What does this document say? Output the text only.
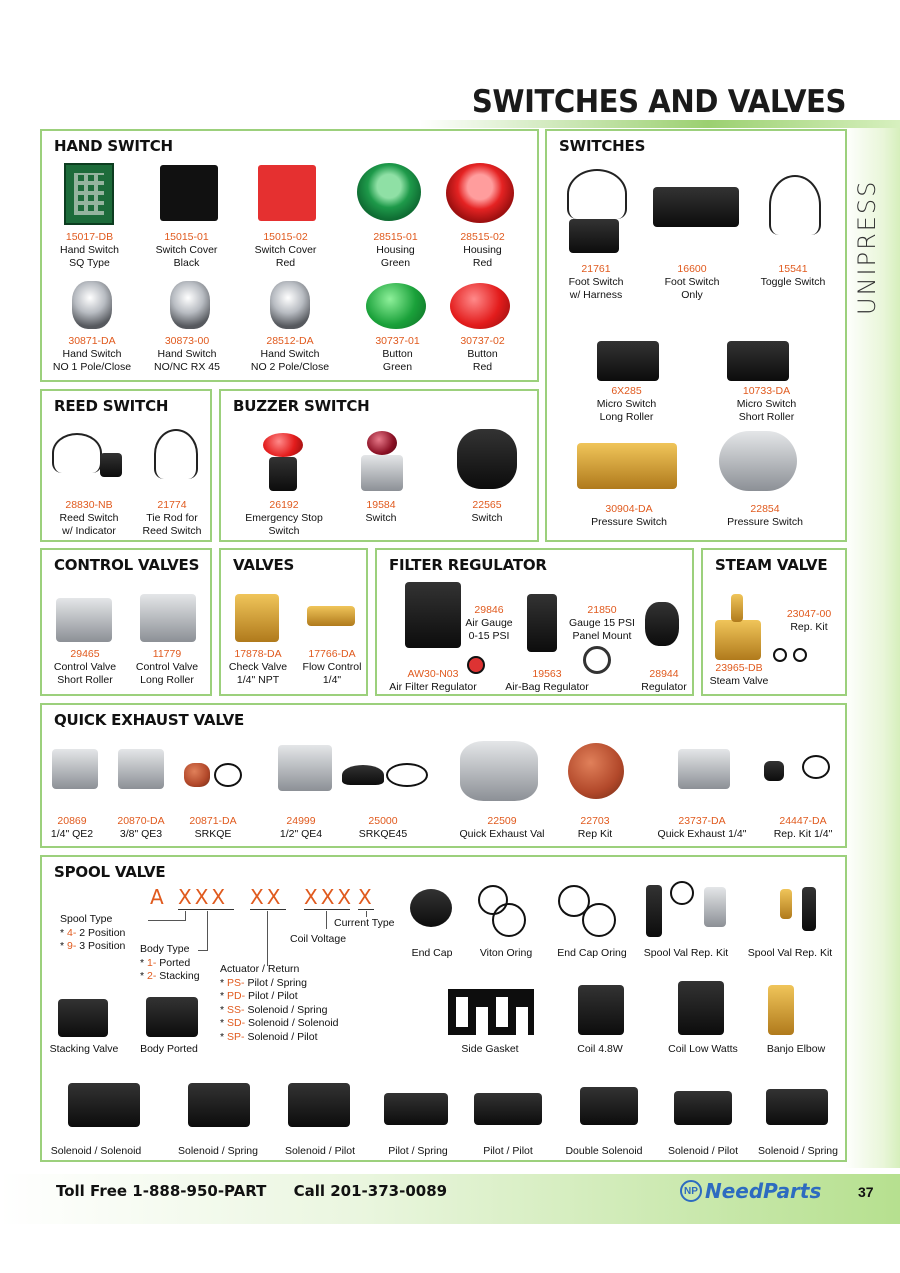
SWITCHES AND VALVES
UNIPRESS
HAND SWITCH
15017-DB
Hand Switch
SQ Type
15015-01
Switch Cover
Black
15015-02
Switch Cover
Red
28515-01
Housing
Green
28515-02
Housing
Red
30871-DA
Hand Switch
NO 1 Pole/Close
30873-00
Hand Switch
NO/NC RX 45
28512-DA
Hand Switch
NO 2 Pole/Close
30737-01
Button
Green
30737-02
Button
Red
SWITCHES
21761
Foot Switch
w/ Harness
16600
Foot Switch
Only
15541
Toggle Switch
6X285
Micro Switch
Long Roller
10733-DA
Micro Switch
Short Roller
30904-DA
Pressure Switch
22854
Pressure Switch
REED SWITCH
28830-NB
Reed Switch
w/ Indicator
21774
Tie Rod for
Reed Switch
BUZZER SWITCH
26192
Emergency Stop
Switch
19584
Switch
22565
Switch
CONTROL VALVES
29465
Control Valve
Short Roller
11779
Control Valve
Long Roller
VALVES
17878-DA
Check Valve
1/4" NPT
17766-DA
Flow Control
1/4"
FILTER REGULATOR
29846
Air Gauge
0-15 PSI
21850
Gauge 15 PSI
Panel Mount
AW30-N03
Air Filter Regulator
19563
Air-Bag Regulator
28944
Regulator
STEAM VALVE
23047-00
Rep. Kit
23965-DB
Steam Valve
QUICK EXHAUST VALVE
20869
1/4" QE2
20870-DA
3/8" QE3
20871-DA
SRKQE
24999
1/2" QE4
25000
SRKQE45
22509
Quick Exhaust Val
22703
Rep Kit
23737-DA
Quick Exhaust 1/4"
24447-DA
Rep. Kit 1/4"
SPOOL VALVE
A XXX XX XXX X
Spool Type
* 4- 2 Position
* 9- 3 Position Body Type
* 1- Ported
* 2- Stacking
Actuator / Return
* PS- Pilot / Spring
* PD- Pilot / Pilot
* SS- Solenoid / Spring
* SD- Solenoid / Solenoid
* SP- Solenoid / Pilot
Coil Voltage
Current Type
End Cap	Viton Oring	End Cap Oring	Spool Val Rep. Kit	Spool Val Rep. Kit
Stacking Valve	Body Ported	Side Gasket	Coil 4.8W	Coil Low Watts	Banjo Elbow
Solenoid / Solenoid	Solenoid / Spring	Solenoid / Pilot	Pilot / Spring	Pilot / Pilot	Double Solenoid	Solenoid / Pilot	Solenoid / Spring
Toll Free 1-888-950-PART Call 201-373-0089	NP NeedParts	37
